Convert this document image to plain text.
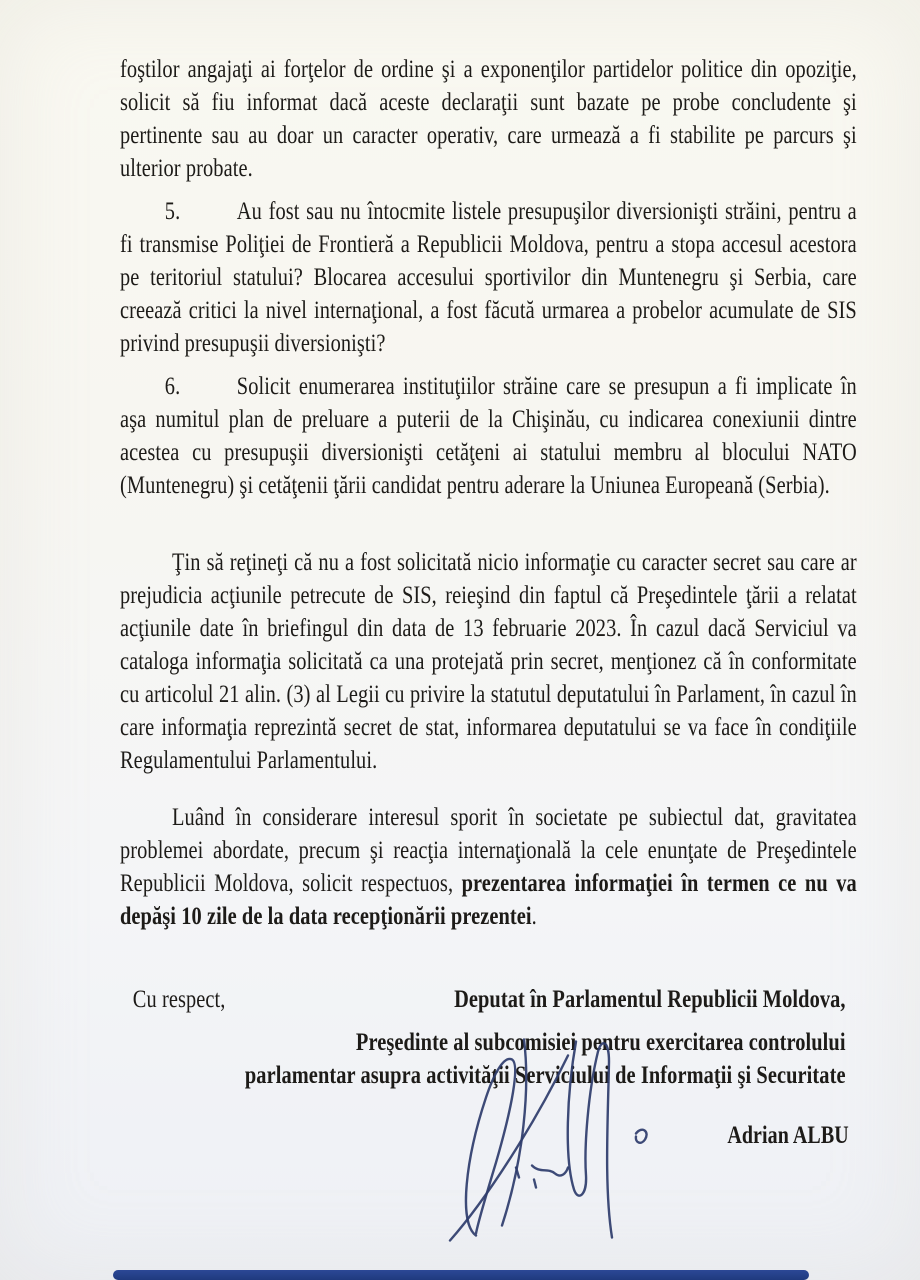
foştilor angajaţi ai forţelor de ordine şi a exponenţilor partidelor politice din opoziţie, solicit să fiu informat dacă aceste declaraţii sunt bazate pe probe concludente şi pertinente sau au doar un caracter operativ, care urmează a fi stabilite pe parcurs şi ulterior probate.

5. Au fost sau nu întocmite listele presupuşilor diversionişti străini, pentru a fi transmise Poliţiei de Frontieră a Republicii Moldova, pentru a stopa accesul acestora pe teritoriul statului? Blocarea accesului sportivilor din Muntenegru şi Serbia, care creează critici la nivel internaţional, a fost făcută urmarea a probelor acumulate de SIS privind presupuşii diversionişti?

6. Solicit enumerarea instituţiilor străine care se presupun a fi implicate în aşa numitul plan de preluare a puterii de la Chişinău, cu indicarea conexiunii dintre acestea cu presupuşii diversionişti cetăţeni ai statului membru al blocului NATO (Muntenegru) şi cetăţenii ţării candidat pentru aderare la Uniunea Europeană (Serbia).

Ţin să reţineţi că nu a fost solicitată nicio informaţie cu caracter secret sau care ar prejudicia acţiunile petrecute de SIS, reieşind din faptul că Preşedintele ţării a relatat acţiunile date în briefingul din data de 13 februarie 2023. În cazul dacă Serviciul va cataloga informaţia solicitată ca una protejată prin secret, menţionez că în conformitate cu articolul 21 alin. (3) al Legii cu privire la statutul deputatului în Parlament, în cazul în care informaţia reprezintă secret de stat, informarea deputatului se va face în condiţiile Regulamentului Parlamentului.

Luând în considerare interesul sporit în societate pe subiectul dat, gravitatea problemei abordate, precum şi reacţia internaţională la cele enunţate de Preşedintele Republicii Moldova, solicit respectuos, prezentarea informaţiei în termen ce nu va depăşi 10 zile de la data recepţionării prezentei.

Cu respect,	Deputat în Parlamentul Republicii Moldova,
Preşedinte al subcomisiei pentru exercitarea controlului
parlamentar asupra activităţii Serviciului de Informaţii şi Securitate
Adrian ALBU
